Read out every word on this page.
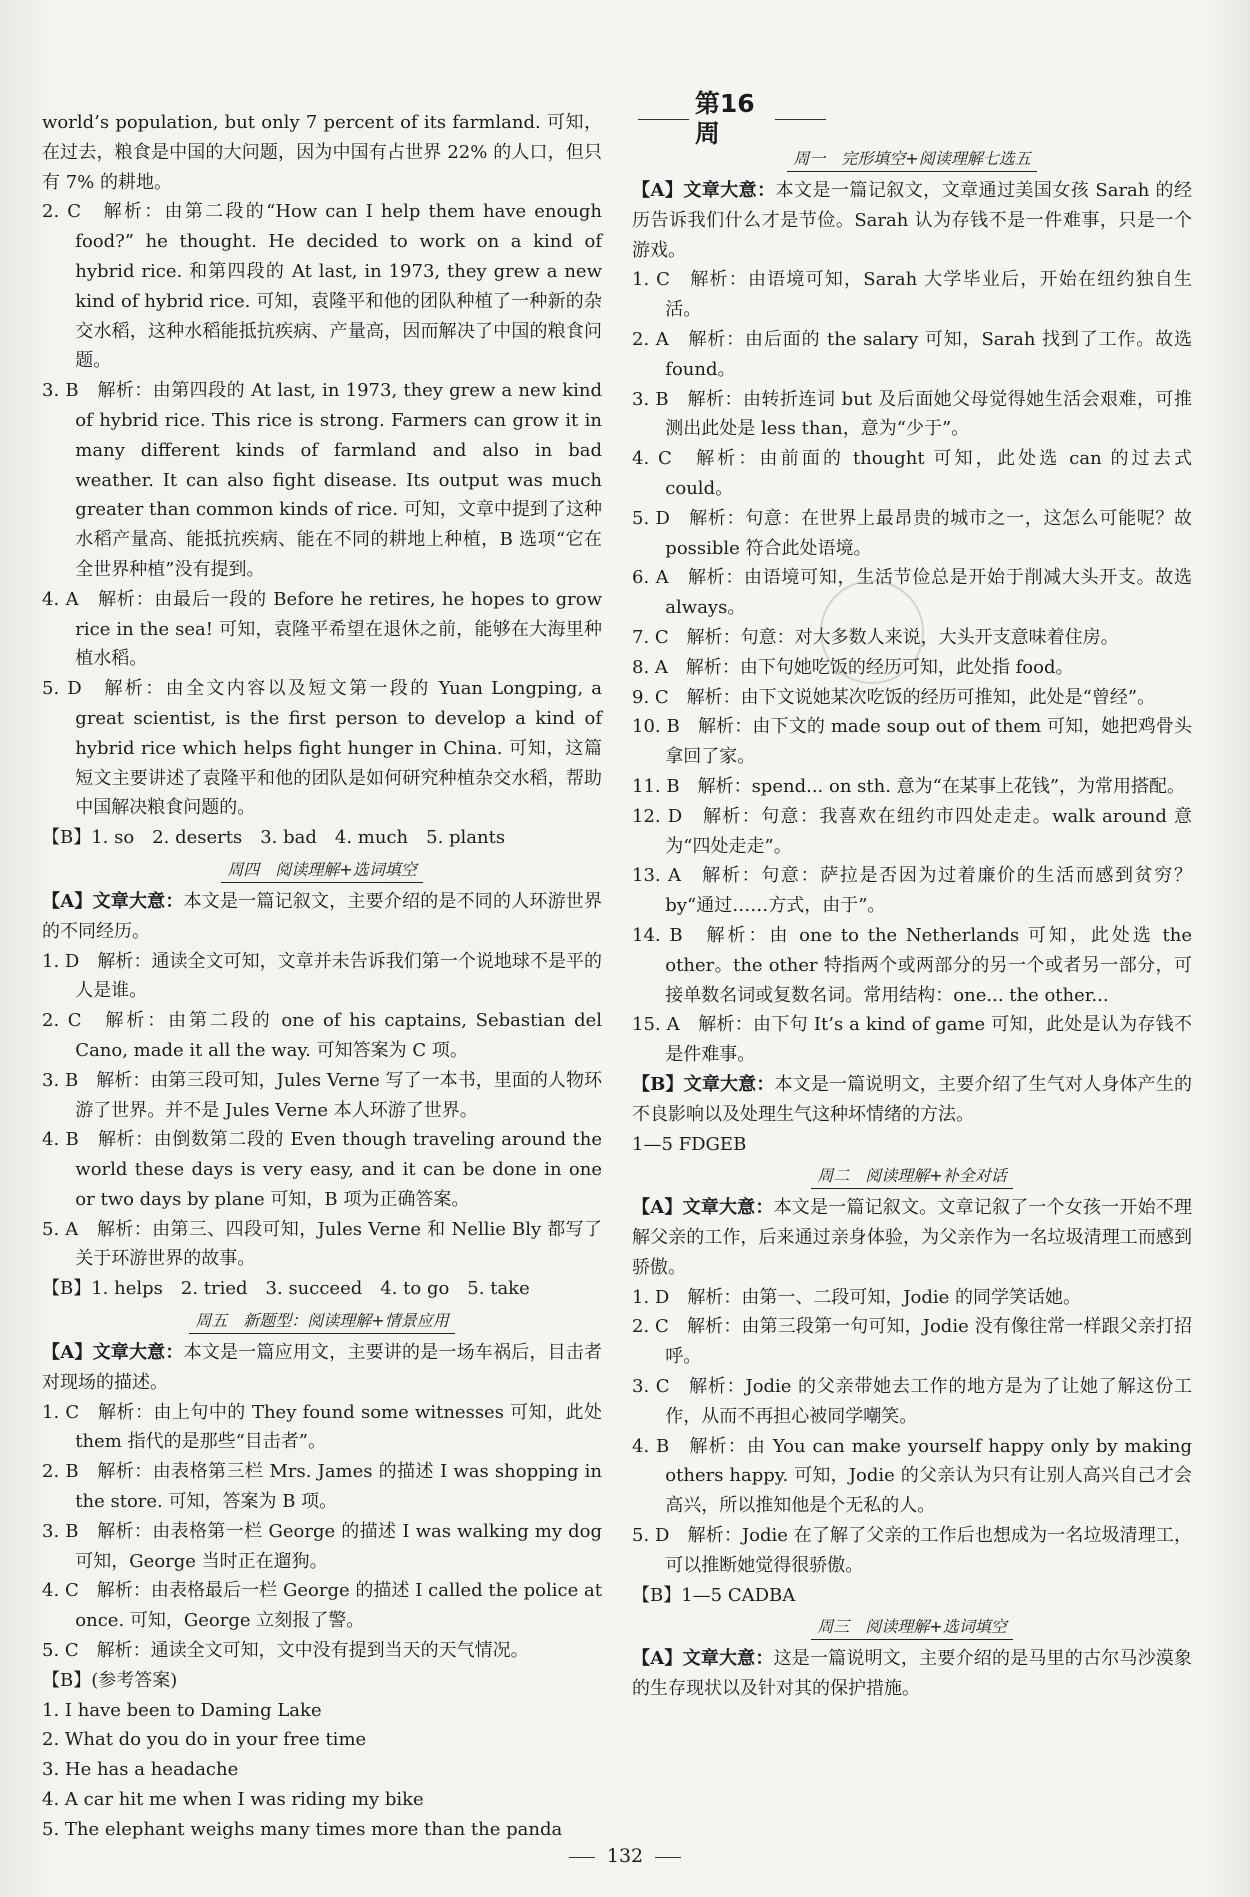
world’s population, but only 7 percent of its farmland. 可知，在过去，粮食是中国的大问题，因为中国有占世界 22% 的人口，但只有 7% 的耕地。

2. C　解析：由第二段的“How can I help them have enough food?” he thought. He decided to work on a kind of hybrid rice. 和第四段的 At last, in 1973, they grew a new kind of hybrid rice. 可知，袁隆平和他的团队种植了一种新的杂交水稻，这种水稻能抵抗疾病、产量高，因而解决了中国的粮食问题。

3. B　解析：由第四段的 At last, in 1973, they grew a new kind of hybrid rice. This rice is strong. Farmers can grow it in many different kinds of farmland and also in bad weather. It can also fight disease. Its output was much greater than common kinds of rice. 可知，文章中提到了这种水稻产量高、能抵抗疾病、能在不同的耕地上种植，B 选项“它在全世界种植”没有提到。

4. A　解析：由最后一段的 Before he retires, he hopes to grow rice in the sea! 可知，袁隆平希望在退休之前，能够在大海里种植水稻。

5. D　解析：由全文内容以及短文第一段的 Yuan Longping, a great scientist, is the first person to develop a kind of hybrid rice which helps fight hunger in China. 可知，这篇短文主要讲述了袁隆平和他的团队是如何研究种植杂交水稻，帮助中国解决粮食问题的。

【B】1. so　2. deserts　3. bad　4. much　5. plants

周四　阅读理解+选词填空

【A】文章大意：本文是一篇记叙文，主要介绍的是不同的人环游世界的不同经历。

1. D　解析：通读全文可知，文章并未告诉我们第一个说地球不是平的人是谁。

2. C　解析：由第二段的 one of his captains, Sebastian del Cano, made it all the way. 可知答案为 C 项。

3. B　解析：由第三段可知，Jules Verne 写了一本书，里面的人物环游了世界。并不是 Jules Verne 本人环游了世界。

4. B　解析：由倒数第二段的 Even though traveling around the world these days is very easy, and it can be done in one or two days by plane 可知，B 项为正确答案。

5. A　解析：由第三、四段可知，Jules Verne 和 Nellie Bly 都写了关于环游世界的故事。

【B】1. helps　2. tried　3. succeed　4. to go　5. take

周五　新题型：阅读理解+情景应用

【A】文章大意：本文是一篇应用文，主要讲的是一场车祸后，目击者对现场的描述。

1. C　解析：由上句中的 They found some witnesses 可知，此处 them 指代的是那些“目击者”。

2. B　解析：由表格第三栏 Mrs. James 的描述 I was shopping in the store. 可知，答案为 B 项。

3. B　解析：由表格第一栏 George 的描述 I was walking my dog 可知，George 当时正在遛狗。

4. C　解析：由表格最后一栏 George 的描述 I called the police at once. 可知，George 立刻报了警。

5. C　解析：通读全文可知，文中没有提到当天的天气情况。

【B】(参考答案)

1. I have been to Daming Lake

2. What do you do in your free time

3. He has a headache

4. A car hit me when I was riding my bike

5. The elephant weighs many times more than the panda

第16周
周一　完形填空+阅读理解七选五

【A】文章大意：本文是一篇记叙文，文章通过美国女孩 Sarah 的经历告诉我们什么才是节俭。Sarah 认为存钱不是一件难事，只是一个游戏。

1. C　解析：由语境可知，Sarah 大学毕业后，开始在纽约独自生活。

2. A　解析：由后面的 the salary 可知，Sarah 找到了工作。故选 found。

3. B　解析：由转折连词 but 及后面她父母觉得她生活会艰难，可推测出此处是 less than，意为“少于”。

4. C　解析：由前面的 thought 可知，此处选 can 的过去式 could。

5. D　解析：句意：在世界上最昂贵的城市之一，这怎么可能呢？故 possible 符合此处语境。

6. A　解析：由语境可知，生活节俭总是开始于削减大头开支。故选 always。

7. C　解析：句意：对大多数人来说，大头开支意味着住房。

8. A　解析：由下句她吃饭的经历可知，此处指 food。

9. C　解析：由下文说她某次吃饭的经历可推知，此处是“曾经”。

10. B　解析：由下文的 made soup out of them 可知，她把鸡骨头拿回了家。

11. B　解析：spend... on sth. 意为“在某事上花钱”，为常用搭配。

12. D　解析：句意：我喜欢在纽约市四处走走。walk around 意为“四处走走”。

13. A　解析：句意：萨拉是否因为过着廉价的生活而感到贫穷？by“通过……方式，由于”。

14. B　解析：由 one to the Netherlands 可知，此处选 the other。the other 特指两个或两部分的另一个或者另一部分，可接单数名词或复数名词。常用结构：one... the other...

15. A　解析：由下句 It’s a kind of game 可知，此处是认为存钱不是件难事。

【B】文章大意：本文是一篇说明文，主要介绍了生气对人身体产生的不良影响以及处理生气这种坏情绪的方法。

1—5 FDGEB

周二　阅读理解+补全对话

【A】文章大意：本文是一篇记叙文。文章记叙了一个女孩一开始不理解父亲的工作，后来通过亲身体验，为父亲作为一名垃圾清理工而感到骄傲。

1. D　解析：由第一、二段可知，Jodie 的同学笑话她。

2. C　解析：由第三段第一句可知，Jodie 没有像往常一样跟父亲打招呼。

3. C　解析：Jodie 的父亲带她去工作的地方是为了让她了解这份工作，从而不再担心被同学嘲笑。

4. B　解析：由 You can make yourself happy only by making others happy. 可知，Jodie 的父亲认为只有让别人高兴自己才会高兴，所以推知他是个无私的人。

5. D　解析：Jodie 在了解了父亲的工作后也想成为一名垃圾清理工，可以推断她觉得很骄傲。

【B】1—5 CADBA

周三　阅读理解+选词填空

【A】文章大意：这是一篇说明文，主要介绍的是马里的古尔马沙漠象的生存现状以及针对其的保护措施。

132
